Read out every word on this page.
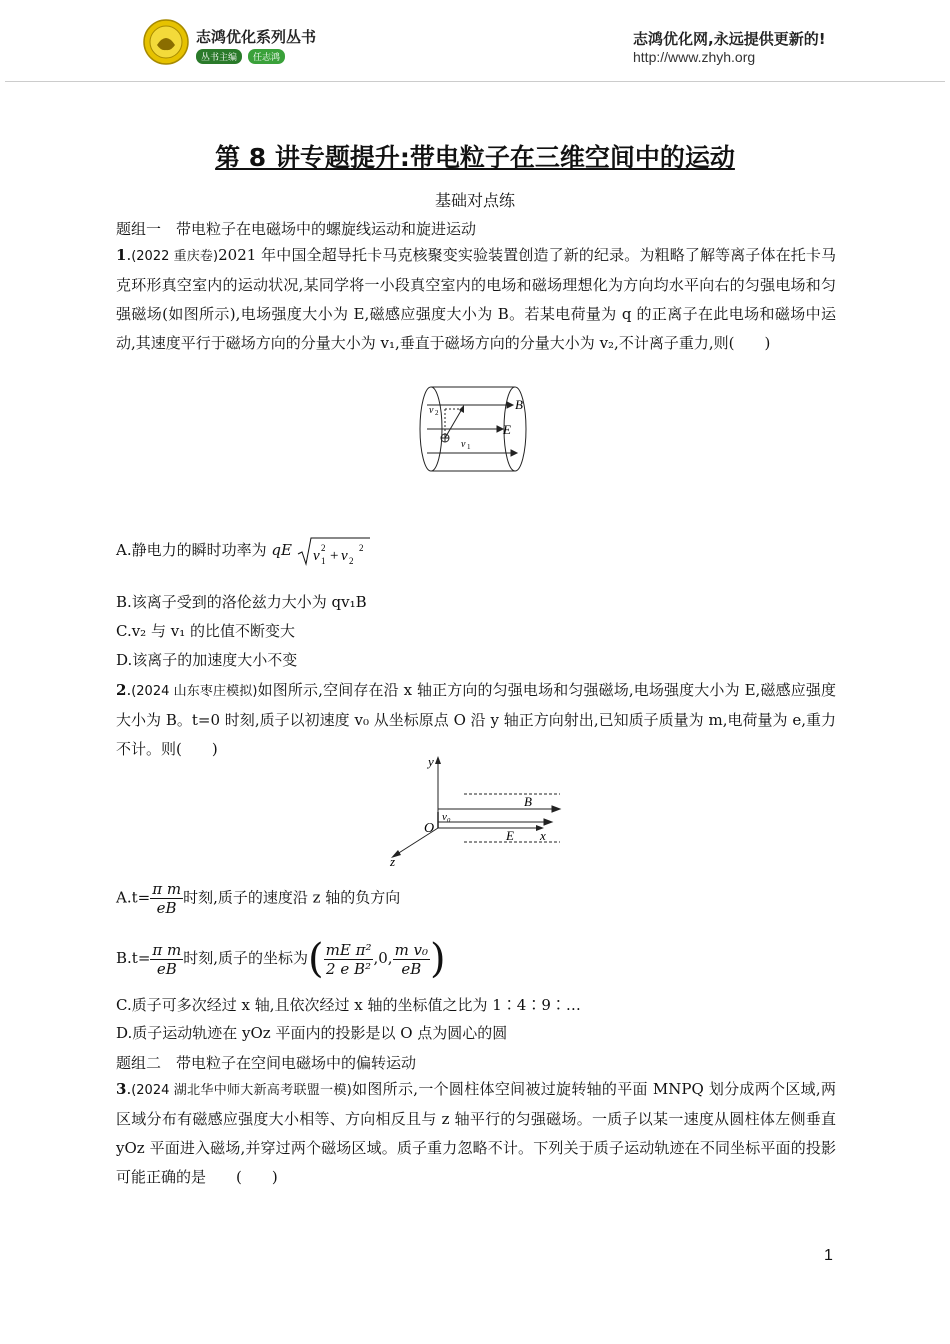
志鸿优化系列丛书
丛书主编	任志鸿
志鸿优化网,永远提供更新的!
http://www.zhyh.org
第 8 讲专题提升:带电粒子在三维空间中的运动
基础对点练
题组一　带电粒子在电磁场中的螺旋线运动和旋进运动
1.(2022 重庆卷)2021 年中国全超导托卡马克核聚变实验装置创造了新的纪录。为粗略了解等离子体在托卡马克环形真空室内的运动状况,某同学将一小段真空室内的电场和磁场理想化为方向均水平向右的匀强电场和匀强磁场(如图所示),电场强度大小为 E,磁感应强度大小为 B。若某电荷量为 q 的正离子在此电场和磁场中运动,其速度平行于磁场方向的分量大小为 v₁,垂直于磁场方向的分量大小为 v₂,不计离子重力,则(　　)
B
E
v 2
v 1
A.静电力的瞬时功率为 qE v 1
2 + v 2
2
B.该离子受到的洛伦兹力大小为 qv₁B
C.v₂ 与 v₁ 的比值不断变大
D.该离子的加速度大小不变
2.(2024 山东枣庄模拟)如图所示,空间存在沿 x 轴正方向的匀强电场和匀强磁场,电场强度大小为 E,磁感应强度大小为 B。t=0 时刻,质子以初速度 v₀ 从坐标原点 O 沿 y 轴正方向射出,已知质子质量为 m,电荷量为 e,重力不计。则(　　)
y
x
z
O
v₀
B
E
$A.t= \frac{\text{π m}}{eB}$ 时刻,质子的速度沿 z 轴的负方向
$B.t= \frac{\text{π m}}{eB}$ 时刻,质子的坐标为( $\frac{\text{mE π²}}{\text{2 e B²}} ,0$, $\frac{\text{m v₀}}{eB}$ )
C.质子可多次经过 x 轴,且依次经过 x 轴的坐标值之比为 1∶4∶9∶…
D.质子运动轨迹在 yOz 平面内的投影是以 O 点为圆心的圆
题组二　带电粒子在空间电磁场中的偏转运动
3.(2024 湖北华中师大新高考联盟一模)如图所示,一个圆柱体空间被过旋转轴的平面 MNPQ 划分成两个区域,两区域分布有磁感应强度大小相等、方向相反且与 z 轴平行的匀强磁场。一质子以某一速度从圆柱体左侧垂直 yOz 平面进入磁场,并穿过两个磁场区域。质子重力忽略不计。下列关于质子运动轨迹在不同坐标平面的投影可能正确的是　　(　　)
1
